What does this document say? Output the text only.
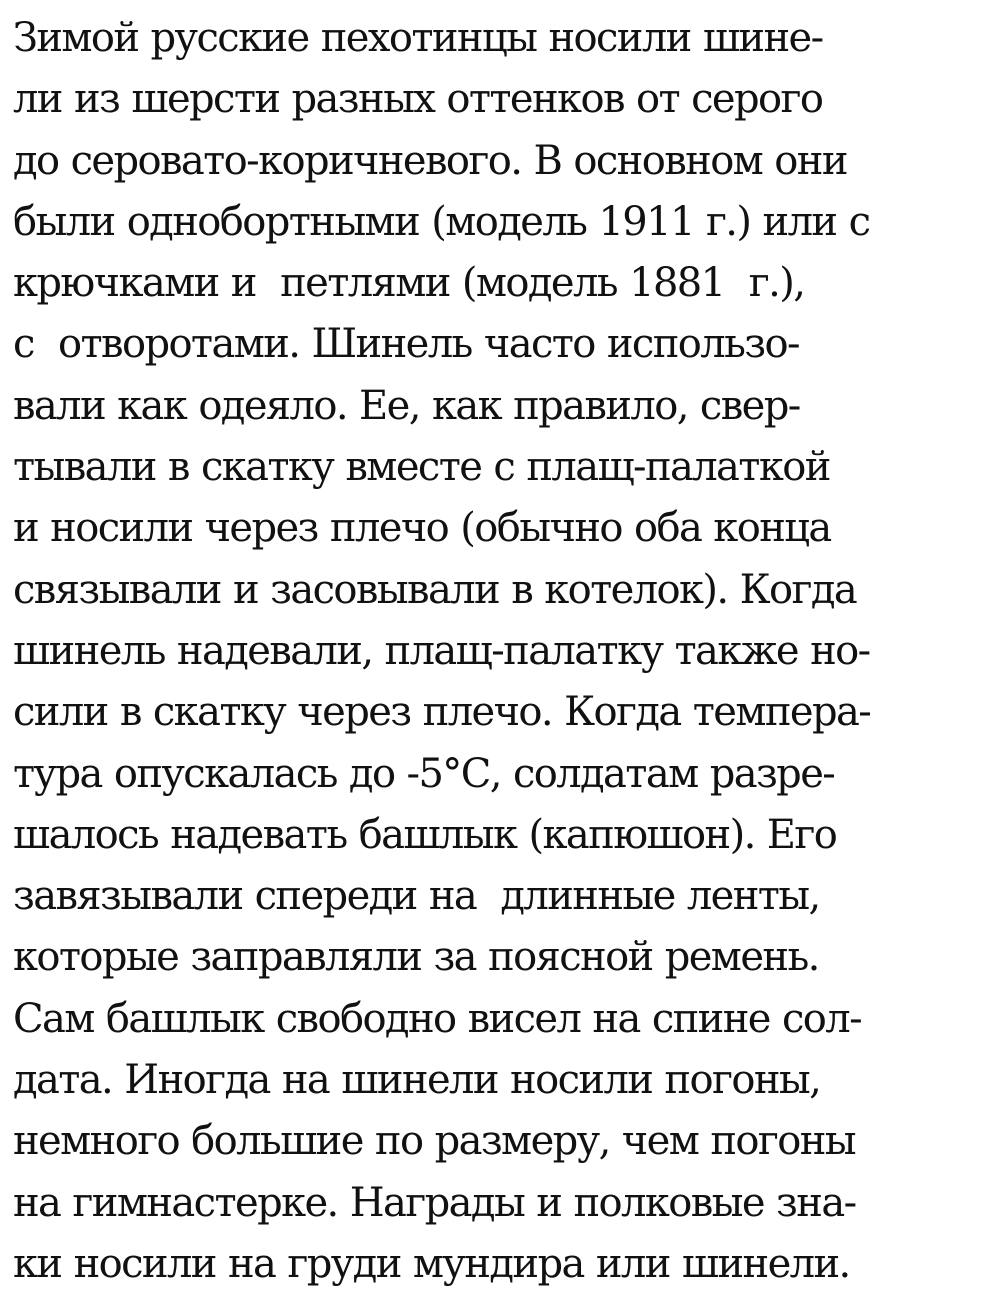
Зимой русские пехотинцы носили шине-
ли из шерсти разных оттенков от серого
до серовато-коричневого. В основном они
были однобортными (модель 1911 г.) или с
крючками и  петлями (модель 1881  г.),
с  отворотами. Шинель часто использо-
вали как одеяло. Ее, как правило, свер-
тывали в скатку вместе с плащ-палаткой
и носили через плечо (обычно оба конца
связывали и засовывали в котелок). Когда
шинель надевали, плащ-палатку также но-
сили в скатку через плечо. Когда темпера-
тура опускалась до -5°С, солдатам разре-
шалось надевать башлык (капюшон). Его
завязывали спереди на  длинные ленты,
которые заправляли за поясной ремень.
Сам башлык свободно висел на спине сол-
дата. Иногда на шинели носили погоны,
немного большие по размеру, чем погоны
на гимнастерке. Награды и полковые зна-
ки носили на груди мундира или шинели.
